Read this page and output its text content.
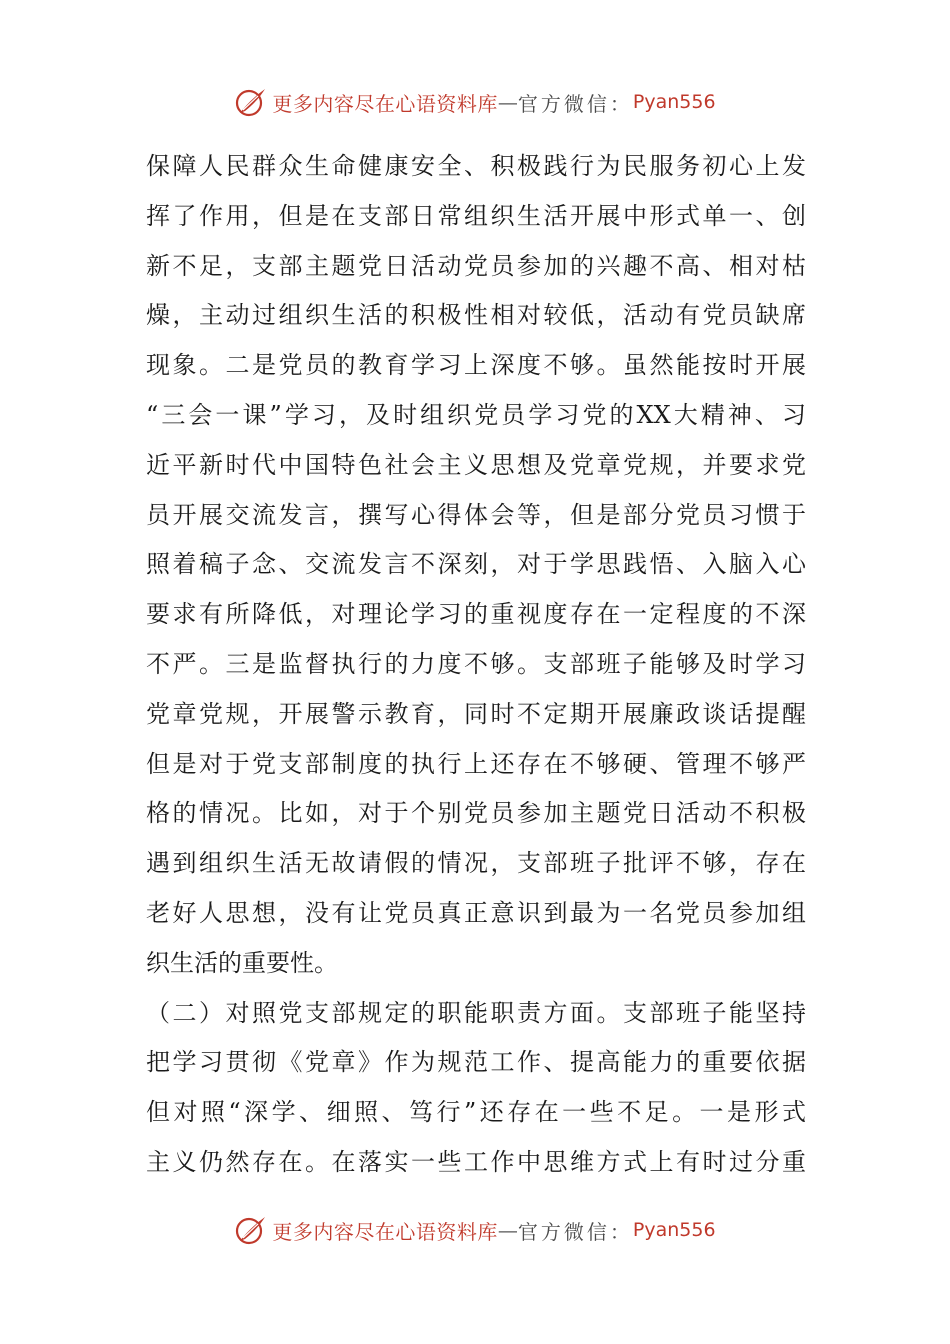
更多内容尽在心语资料库 — 官方微信： Pyan556
保障人民群众生命健康安全、积极践行为民服务初心上发
挥了作用，但是在支部日常组织生活开展中形式单一、创
新不足，支部主题党日活动党员参加的兴趣不高、相对枯
燥，主动过组织生活的积极性相对较低，活动有党员缺席
现象。二是党员的教育学习上深度不够。虽然能按时开展
“三会一课”学习，及时组织党员学习党的XX大精神、习
近平新时代中国特色社会主义思想及党章党规，并要求党
员开展交流发言，撰写心得体会等，但是部分党员习惯于
照着稿子念、交流发言不深刻，对于学思践悟、入脑入心
要求有所降低，对理论学习的重视度存在一定程度的不深
不严。三是监督执行的力度不够。支部班子能够及时学习
党章党规，开展警示教育，同时不定期开展廉政谈话提醒
但是对于党支部制度的执行上还存在不够硬、管理不够严
格的情况。比如，对于个别党员参加主题党日活动不积极
遇到组织生活无故请假的情况，支部班子批评不够，存在
老好人思想，没有让党员真正意识到最为一名党员参加组
织生活的重要性。
（二）对照党支部规定的职能职责方面。支部班子能坚持
把学习贯彻《党章》作为规范工作、提高能力的重要依据
但对照“深学、细照、笃行”还存在一些不足。一是形式
主义仍然存在。在落实一些工作中思维方式上有时过分重
更多内容尽在心语资料库 — 官方微信： Pyan556
